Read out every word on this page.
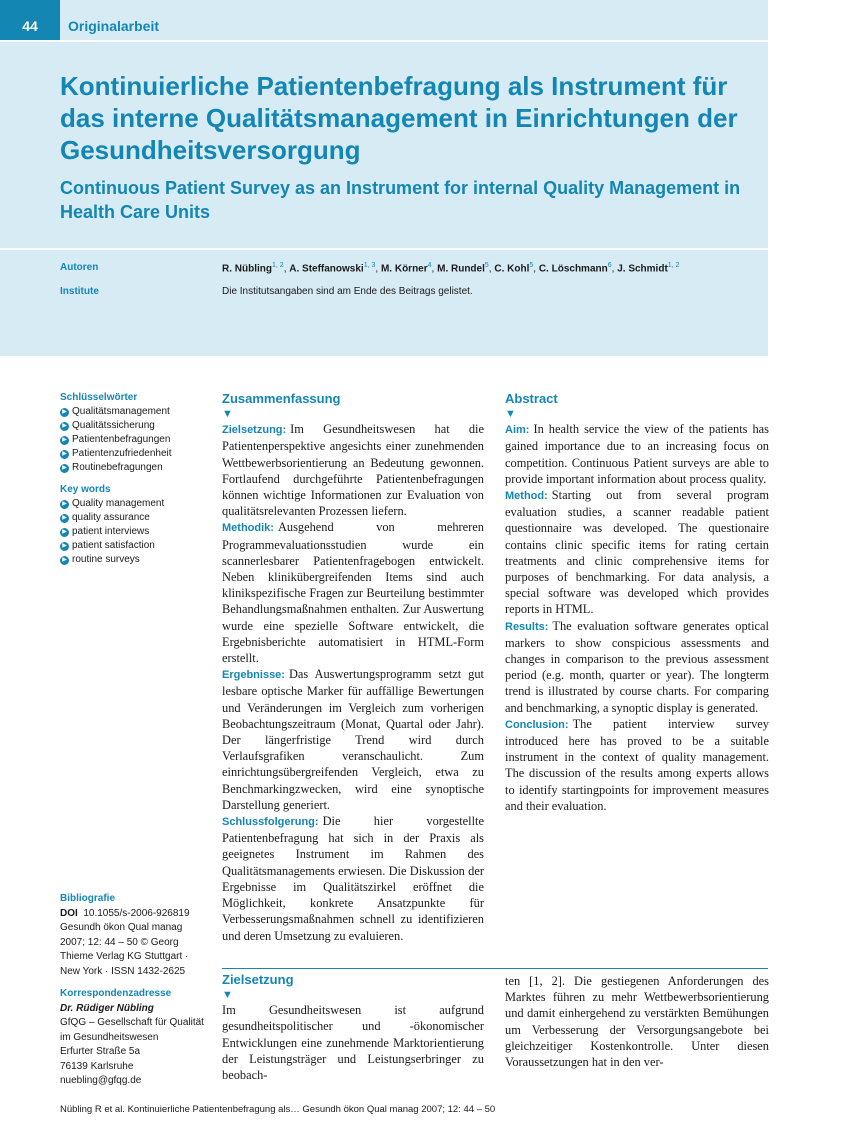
44	Originalarbeit
Kontinuierliche Patientenbefragung als Instrument für das interne Qualitätsmanagement in Einrichtungen der Gesundheitsversorgung
Continuous Patient Survey as an Instrument for internal Quality Management in Health Care Units
Autoren	R. Nübling$^{1, 2}$, A. Steffanowski$^{1, 3}$, M. Körner$^4$, M. Rundel$^5$, C. Kohl$^5$, C. Löschmann$^6$, J. Schmidt$^{1, 2}$
Institute	Die Institutsangaben sind am Ende des Beitrags gelistet.

Schlüsselwörter

▶ Qualitätsmanagement
▶ Qualitätssicherung
▶ Patientenbefragungen
▶ Patientenzufriedenheit
▶ Routinebefragungen

Key words

▶ Quality management
▶ quality assurance
▶ patient interviews
▶ patient satisfaction
▶ routine surveys
Bibliografie
DOI 10.1055/s-2006-926819
Gesundh ökon Qual manag
2007; 12: 44 – 50 © Georg
Thieme Verlag KG Stuttgart ·
New York · ISSN 1432-2625
Korrespondenzadresse
Dr. Rüdiger Nübling
GfQG – Gesellschaft für Qualität
im Gesundheitswesen
Erfurter Straße 5a
76139 Karlsruhe
nuebling@gfqg.de

Zusammenfassung

▼
Zielsetzung: Im Gesundheitswesen hat die Patientenperspektive angesichts einer zunehmenden Wettbewerbsorientierung an Bedeutung gewonnen. Fortlaufend durchgeführte Patientenbefragungen können wichtige Informationen zur Evaluation von qualitätsrelevanten Prozessen liefern.
Methodik: Ausgehend von mehreren Programmevaluationsstudien wurde ein scannerlesbarer Patientenfragebogen entwickelt. Neben klinikübergreifenden Items sind auch klinikspezifische Fragen zur Beurteilung bestimmter Behandlungsmaßnahmen enthalten. Zur Auswertung wurde eine spezielle Software entwickelt, die Ergebnisberichte automatisiert in HTML-Form erstellt.
Ergebnisse: Das Auswertungsprogramm setzt gut lesbare optische Marker für auffällige Bewertungen und Veränderungen im Vergleich zum vorherigen Beobachtungszeitraum (Monat, Quartal oder Jahr). Der längerfristige Trend wird durch Verlaufsgrafiken veranschaulicht. Zum einrichtungsübergreifenden Vergleich, etwa zu Benchmarkingzwecken, wird eine synoptische Darstellung generiert.
Schlussfolgerung: Die hier vorgestellte Patientenbefragung hat sich in der Praxis als geeignetes Instrument im Rahmen des Qualitätsmanagements erwiesen. Die Diskussion der Ergebnisse im Qualitätszirkel eröffnet die Möglichkeit, konkrete Ansatzpunkte für Verbesserungsmaßnahmen schnell zu identifizieren und deren Umsetzung zu evaluieren.

Abstract

▼
Aim: In health service the view of the patients has gained importance due to an increasing focus on competition. Continuous Patient surveys are able to provide important information about process quality.
Method: Starting out from several program evaluation studies, a scanner readable patient questionnaire was developed. The questionaire contains clinic specific items for rating certain treatments and clinic comprehensive items for purposes of benchmarking. For data analysis, a special software was developed which provides reports in HTML.
Results: The evaluation software generates optical markers to show conspicious assessments and changes in comparison to the previous assessment period (e.g. month, quarter or year). The longterm trend is illustrated by course charts. For comparing and benchmarking, a synoptic display is generated.
Conclusion: The patient interview survey introduced here has proved to be a suitable instrument in the context of quality management. The discussion of the results among experts allows to identify startingpoints for improvement measures and their evaluation.

Zielsetzung

▼
Im Gesundheitswesen ist aufgrund gesundheitspolitischer und -ökonomischer Entwicklungen eine zunehmende Marktorientierung der Leistungsträger und Leistungserbringer zu beobach-
ten [1, 2]. Die gestiegenen Anforderungen des Marktes führen zu mehr Wettbewerbsorientierung und damit einhergehend zu verstärkten Bemühungen um Verbesserung der Versorgungsangebote bei gleichzeitiger Kostenkontrolle. Unter diesen Voraussetzungen hat in den ver-
Nübling R et al. Kontinuierliche Patientenbefragung als… Gesundh ökon Qual manag 2007; 12: 44 – 50
